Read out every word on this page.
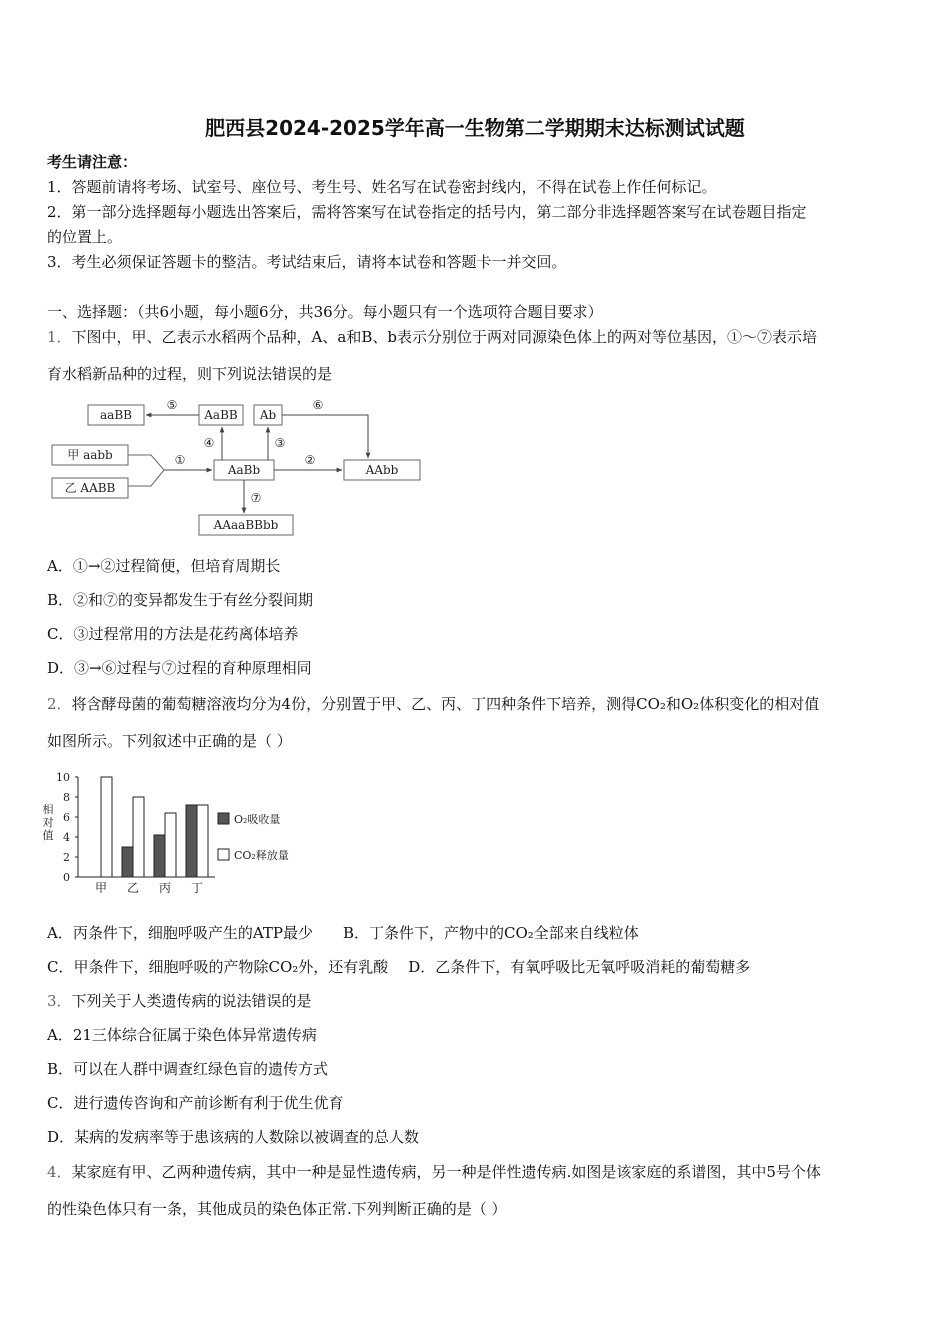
肥西县2024-2025学年高一生物第二学期期末达标测试试题
考生请注意：
1．答题前请将考场、试室号、座位号、考生号、姓名写在试卷密封线内，不得在试卷上作任何标记。
2．第一部分选择题每小题选出答案后，需将答案写在试卷指定的括号内，第二部分非选择题答案写在试卷题目指定
的位置上。
3．考生必须保证答题卡的整洁。考试结束后，请将本试卷和答题卡一并交回。
一、选择题：（共6小题，每小题6分，共36分。每小题只有一个选项符合题目要求）
1．下图中，甲、乙表示水稻两个品种，A、a和B、b表示分别位于两对同源染色体上的两对等位基因，①～⑦表示培
育水稻新品种的过程，则下列说法错误的是
aaBB	AaBB Ab
甲 aabb
乙 AABB
AaBb	AAbb
AAaaBBbb
①	②
③
④
⑤	⑥
⑦
A．①→②过程简便，但培育周期长
B．②和⑦的变异都发生于有丝分裂间期
C．③过程常用的方法是花药离体培养
D．③→⑥过程与⑦过程的育种原理相同
2．将含酵母菌的葡萄糖溶液均分为4份，分别置于甲、乙、丙、丁四种条件下培养，测得CO₂和O₂体积变化的相对值
如图所示。下列叙述中正确的是（ ）
相
对
值
0
2
4
6
8
10
甲 乙 丙 丁
O₂吸收量
CO₂释放量
A．丙条件下，细胞呼吸产生的ATP最少 B．丁条件下，产物中的CO₂全部来自线粒体
C．甲条件下，细胞呼吸的产物除CO₂外，还有乳酸 D．乙条件下，有氧呼吸比无氧呼吸消耗的葡萄糖多
3．下列关于人类遗传病的说法错误的是
A．21三体综合征属于染色体异常遗传病
B．可以在人群中调查红绿色盲的遗传方式
C．进行遗传咨询和产前诊断有利于优生优育
D．某病的发病率等于患该病的人数除以被调查的总人数
4．某家庭有甲、乙两种遗传病，其中一种是显性遗传病，另一种是伴性遗传病.如图是该家庭的系谱图，其中5号个体
的性染色体只有一条，其他成员的染色体正常.下列判断正确的是（ ）
